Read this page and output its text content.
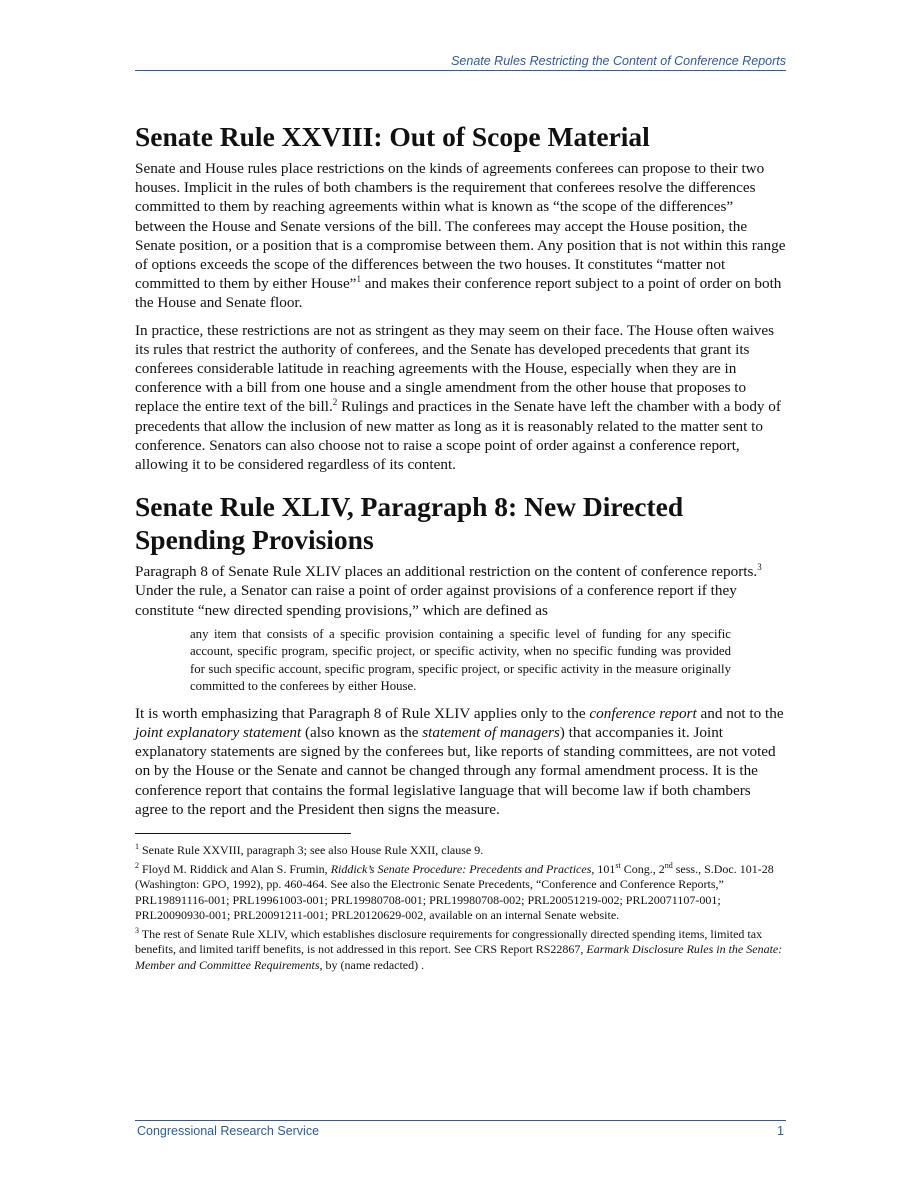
Senate Rules Restricting the Content of Conference Reports
Senate Rule XXVIII: Out of Scope Material

Senate and House rules place restrictions on the kinds of agreements conferees can propose to their two houses. Implicit in the rules of both chambers is the requirement that conferees resolve the differences committed to them by reaching agreements within what is known as “the scope of the differences” between the House and Senate versions of the bill. The conferees may accept the House position, the Senate position, or a position that is a compromise between them. Any position that is not within this range of options exceeds the scope of the differences between the two houses. It constitutes “matter not committed to them by either House”$^1$ and makes their conference report subject to a point of order on both the House and Senate floor.

In practice, these restrictions are not as stringent as they may seem on their face. The House often waives its rules that restrict the authority of conferees, and the Senate has developed precedents that grant its conferees considerable latitude in reaching agreements with the House, especially when they are in conference with a bill from one house and a single amendment from the other house that proposes to replace the entire text of the bill.$^2$ Rulings and practices in the Senate have left the chamber with a body of precedents that allow the inclusion of new matter as long as it is reasonably related to the matter sent to conference. Senators can also choose not to raise a scope point of order against a conference report, allowing it to be considered regardless of its content.

Senate Rule XLIV, Paragraph 8: New Directed Spending Provisions

Paragraph 8 of Senate Rule XLIV places an additional restriction on the content of conference reports.$^3$ Under the rule, a Senator can raise a point of order against provisions of a conference report if they constitute “new directed spending provisions,” which are defined as

any item that consists of a specific provision containing a specific level of funding for any specific account, specific program, specific project, or specific activity, when no specific funding was provided for such specific account, specific program, specific project, or specific activity in the measure originally committed to the conferees by either House.

It is worth emphasizing that Paragraph 8 of Rule XLIV applies only to the conference report and not to the joint explanatory statement (also known as the statement of managers) that accompanies it. Joint explanatory statements are signed by the conferees but, like reports of standing committees, are not voted on by the House or the Senate and cannot be changed through any formal amendment process. It is the conference report that contains the formal legislative language that will become law if both chambers agree to the report and the President then signs the measure.

$^1$ Senate Rule XXVIII, paragraph 3; see also House Rule XXII, clause 9.
$^2$ Floyd M. Riddick and Alan S. Frumin, Riddick’s Senate Procedure: Precedents and Practices, 101st Cong., 2nd sess., S.Doc. 101-28 (Washington: GPO, 1992), pp. 460-464. See also the Electronic Senate Precedents, “Conference and Conference Reports,” PRL19891116-001; PRL19961003-001; PRL19980708-001; PRL19980708-002; PRL20051219-002; PRL20071107-001; PRL20090930-001; PRL20091211-001; PRL20120629-002, available on an internal Senate website.
$^3$ The rest of Senate Rule XLIV, which establishes disclosure requirements for congressionally directed spending items, limited tax benefits, and limited tariff benefits, is not addressed in this report. See CRS Report RS22867, Earmark Disclosure Rules in the Senate: Member and Committee Requirements, by (name redacted) .
Congressional Research Service	1
